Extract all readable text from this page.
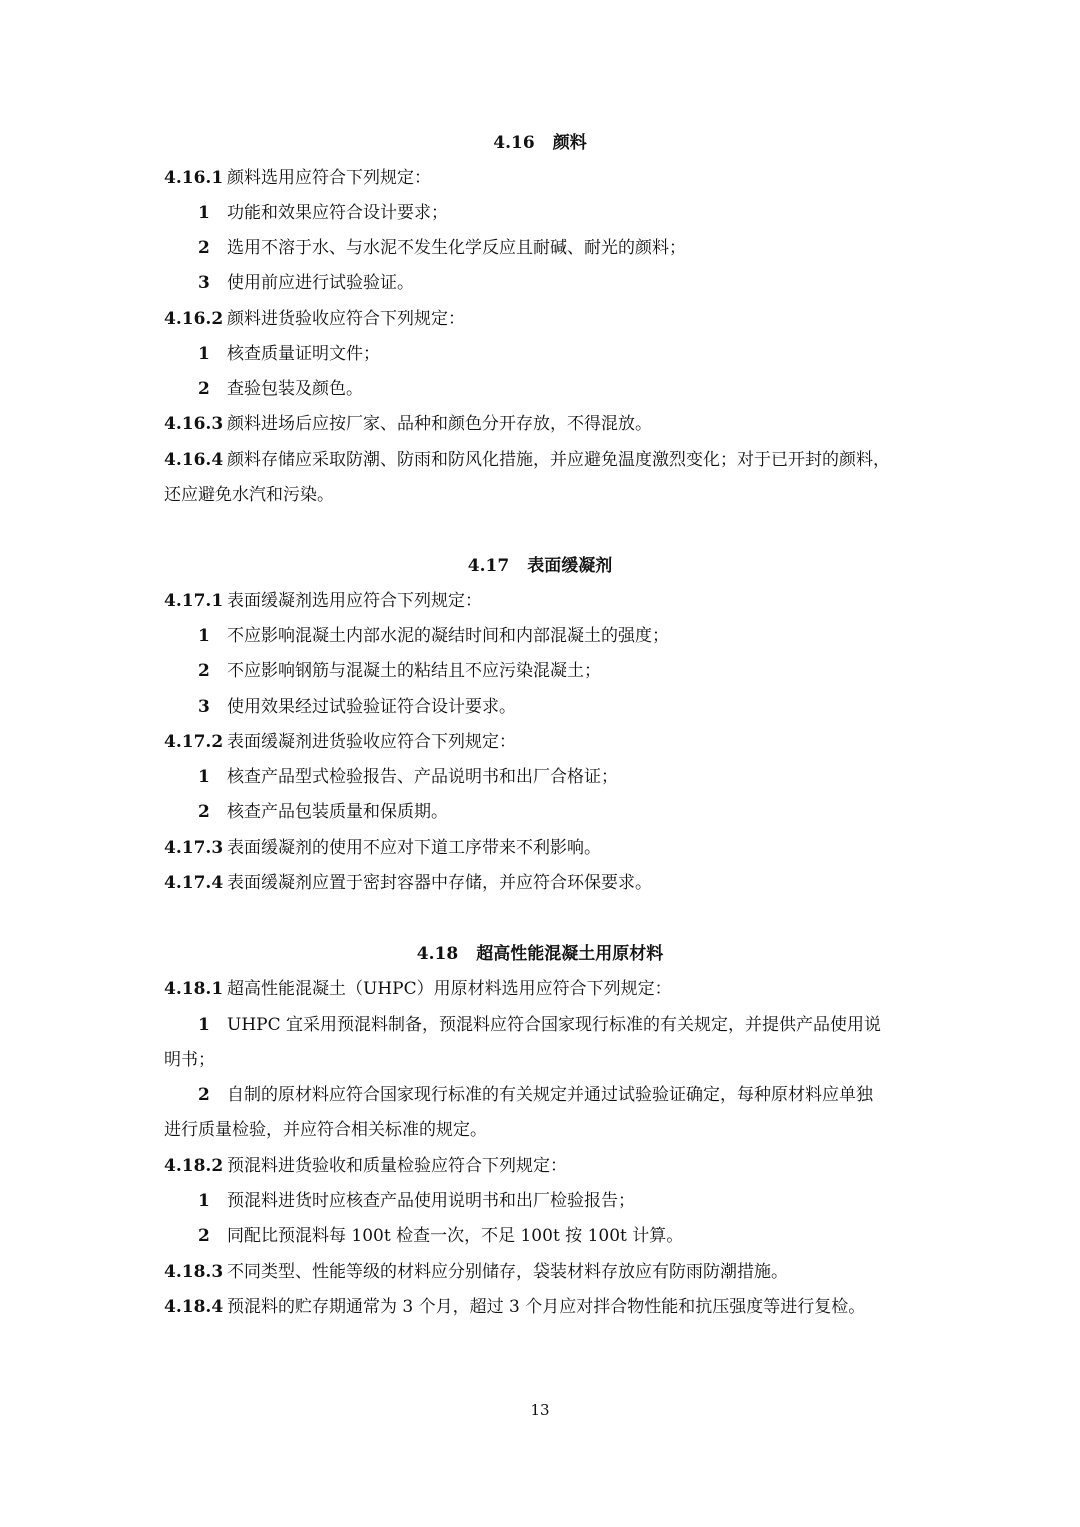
4.16 颜料
4.16.1 颜料选用应符合下列规定：
1 功能和效果应符合设计要求；
2 选用不溶于水、与水泥不发生化学反应且耐碱、耐光的颜料；
3 使用前应进行试验验证。
4.16.2 颜料进货验收应符合下列规定：
1 核查质量证明文件；
2 查验包装及颜色。
4.16.3 颜料进场后应按厂家、品种和颜色分开存放，不得混放。
4.16.4 颜料存储应采取防潮、防雨和防风化措施，并应避免温度激烈变化；对于已开封的颜料，
还应避免水汽和污染。
4.17 表面缓凝剂
4.17.1 表面缓凝剂选用应符合下列规定：
1 不应影响混凝土内部水泥的凝结时间和内部混凝土的强度；
2 不应影响钢筋与混凝土的粘结且不应污染混凝土；
3 使用效果经过试验验证符合设计要求。
4.17.2 表面缓凝剂进货验收应符合下列规定：
1 核查产品型式检验报告、产品说明书和出厂合格证；
2 核查产品包装质量和保质期。
4.17.3 表面缓凝剂的使用不应对下道工序带来不利影响。
4.17.4 表面缓凝剂应置于密封容器中存储，并应符合环保要求。
4.18 超高性能混凝土用原材料
4.18.1 超高性能混凝土（UHPC）用原材料选用应符合下列规定：
1 UHPC 宜采用预混料制备，预混料应符合国家现行标准的有关规定，并提供产品使用说
明书；
2 自制的原材料应符合国家现行标准的有关规定并通过试验验证确定，每种原材料应单独
进行质量检验，并应符合相关标准的规定。
4.18.2 预混料进货验收和质量检验应符合下列规定：
1 预混料进货时应核查产品使用说明书和出厂检验报告；
2 同配比预混料每 100t 检查一次，不足 100t 按 100t 计算。
4.18.3 不同类型、性能等级的材料应分别储存，袋装材料存放应有防雨防潮措施。
4.18.4 预混料的贮存期通常为 3 个月，超过 3 个月应对拌合物性能和抗压强度等进行复检。
13
